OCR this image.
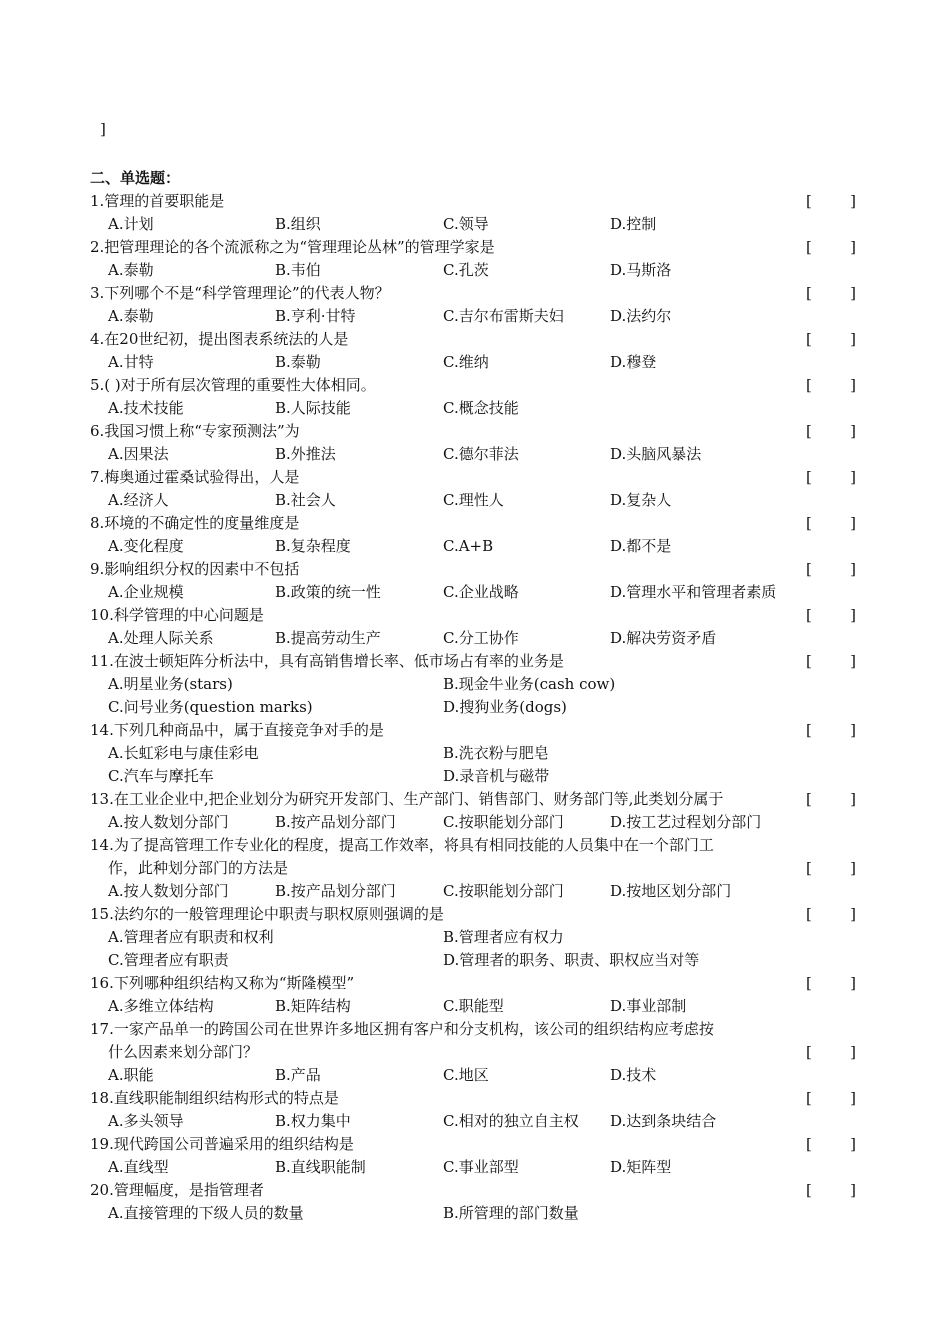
]
二、单选题：
1.管理的首要职能是	[	]
A.计划	B.组织	C.领导	D.控制
2.把管理理论的各个流派称之为“管理理论丛林”的管理学家是	[	]
A.泰勒	B.韦伯	C.孔茨	D.马斯洛
3.下列哪个不是“科学管理理论”的代表人物？	[	]
A.泰勒	B.亨利·甘特	C.吉尔布雷斯夫妇	D.法约尔
4.在20世纪初，提出图表系统法的人是	[	]
A.甘特	B.泰勒	C.维纳	D.穆登
5.( )对于所有层次管理的重要性大体相同。	[	]
A.技术技能	B.人际技能	C.概念技能
6.我国习惯上称“专家预测法”为	[	]
A.因果法	B.外推法	C.德尔菲法	D.头脑风暴法
7.梅奥通过霍桑试验得出，人是	[	]
A.经济人	B.社会人	C.理性人	D.复杂人
8.环境的不确定性的度量维度是	[	]
A.变化程度	B.复杂程度	C.A+B	D.都不是
9.影响组织分权的因素中不包括	[	]
A.企业规模	B.政策的统一性	C.企业战略	D.管理水平和管理者素质
10.科学管理的中心问题是	[	]
A.处理人际关系	B.提高劳动生产	C.分工协作	D.解决劳资矛盾
11.在波士顿矩阵分析法中，具有高销售增长率、低市场占有率的业务是	[	]
A.明星业务(stars)	B.现金牛业务(cash cow)
C.问号业务(question marks)	D.搜狗业务(dogs)
14.下列几种商品中，属于直接竞争对手的是	[	]
A.长虹彩电与康佳彩电	B.洗衣粉与肥皂
C.汽车与摩托车	D.录音机与磁带
13.在工业企业中,把企业划分为研究开发部门、生产部门、销售部门、财务部门等,此类划分属于	[	]
A.按人数划分部门	B.按产品划分部门	C.按职能划分部门	D.按工艺过程划分部门
14.为了提高管理工作专业化的程度，提高工作效率，将具有相同技能的人员集中在一个部门工
作，此种划分部门的方法是	[	]
A.按人数划分部门	B.按产品划分部门	C.按职能划分部门	D.按地区划分部门
15.法约尔的一般管理理论中职责与职权原则强调的是	[	]
A.管理者应有职责和权利	B.管理者应有权力
C.管理者应有职责	D.管理者的职务、职责、职权应当对等
16.下列哪种组织结构又称为“斯隆模型”	[	]
A.多维立体结构	B.矩阵结构	C.职能型	D.事业部制
17.一家产品单一的跨国公司在世界许多地区拥有客户和分支机构，该公司的组织结构应考虑按
什么因素来划分部门？	[	]
A.职能	B.产品	C.地区	D.技术
18.直线职能制组织结构形式的特点是	[	]
A.多头领导	B.权力集中	C.相对的独立自主权 D.达到条块结合
19.现代跨国公司普遍采用的组织结构是	[	]
A.直线型	B.直线职能制	C.事业部型	D.矩阵型
20.管理幅度，是指管理者	[	]
A.直接管理的下级人员的数量	B.所管理的部门数量
